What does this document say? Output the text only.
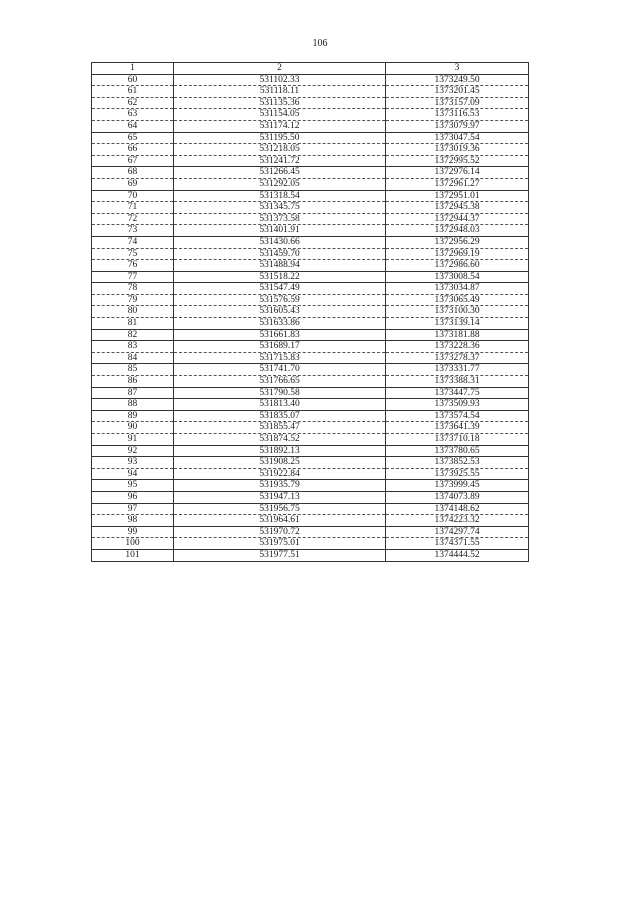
106
1	2	3
60	531102.33	1373249.50
61	531118.11	1373201.45
62	531135.36	1373157.09
63	531154.05	1373116.53
64	531174.12	1373079.97
65	531195.50	1373047.54
66	531218.05	1373019.36
67	531241.72	1372995.52
68	531266.45	1372976.14
69	531292.05	1372961.27
70	531318.54	1372951.01
71	531345.75	1372945.38
72	531373.58	1372944.37
73	531401.91	1372948.03
74	531430.66	1372956.29
75	531459.70	1372969.19
76	531488.94	1372986.60
77	531518.22	1373008.54
78	531547.49	1373034.87
79	531576.59	1373065.49
80	531605.43	1373100.30
81	531633.86	1373139.14
82	531661.83	1373181.88
83	531689.17	1373228.36
84	531715.83	1373278.37
85	531741.70	1373331.77
86	531766.65	1373388.31
87	531790.58	1373447.75
88	531813.40	1373509.93
89	531835.07	1373574.54
90	531855.47	1373641.39
91	531874.52	1373710.18
92	531892.13	1373780.65
93	531908.25	1373852.53
94	531922.84	1373925.55
95	531935.79	1373999.45
96	531947.13	1374073.89
97	531956.75	1374148.62
98	531964.61	1374223.32
99	531970.72	1374297.74
100	531975.01	1374371.55
101	531977.51	1374444.52
